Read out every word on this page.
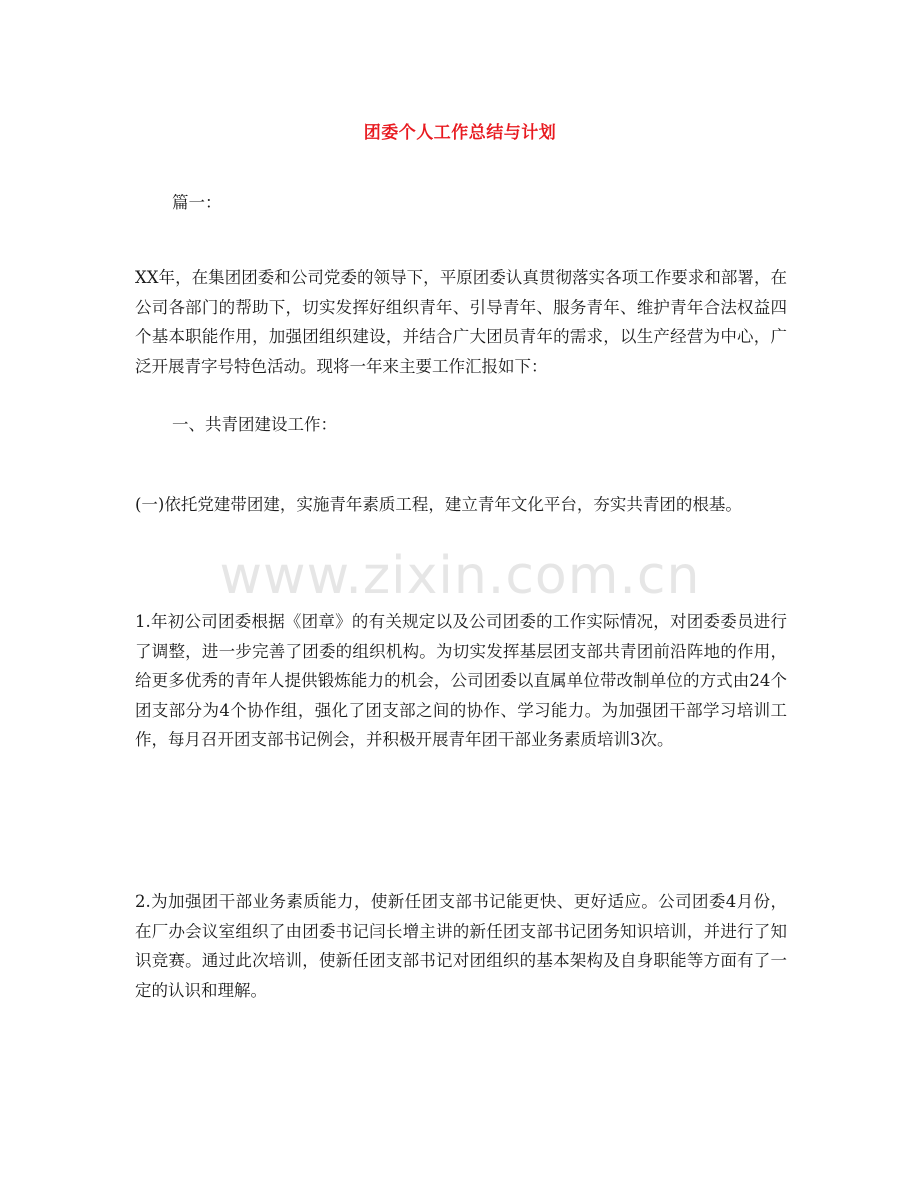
www.zixin.com.cn
团委个人工作总结与计划
篇一：
XX年，在集团团委和公司党委的领导下，平原团委认真贯彻落实各项工作要求和部署，在公司各部门的帮助下，切实发挥好组织青年、引导青年、服务青年、维护青年合法权益四个基本职能作用，加强团组织建设，并结合广大团员青年的需求，以生产经营为中心，广泛开展青字号特色活动。现将一年来主要工作汇报如下：
一、共青团建设工作：
(一)依托党建带团建，实施青年素质工程，建立青年文化平台，夯实共青团的根基。
1.年初公司团委根据《团章》的有关规定以及公司团委的工作实际情况，对团委委员进行了调整，进一步完善了团委的组织机构。为切实发挥基层团支部共青团前沿阵地的作用，给更多优秀的青年人提供锻炼能力的机会，公司团委以直属单位带改制单位的方式由24个团支部分为4个协作组，强化了团支部之间的协作、学习能力。为加强团干部学习培训工作，每月召开团支部书记例会，并积极开展青年团干部业务素质培训3次。
2.为加强团干部业务素质能力，使新任团支部书记能更快、更好适应。公司团委4月份，在厂办会议室组织了由团委书记闫长增主讲的新任团支部书记团务知识培训，并进行了知识竞赛。通过此次培训，使新任团支部书记对团组织的基本架构及自身职能等方面有了一定的认识和理解。
